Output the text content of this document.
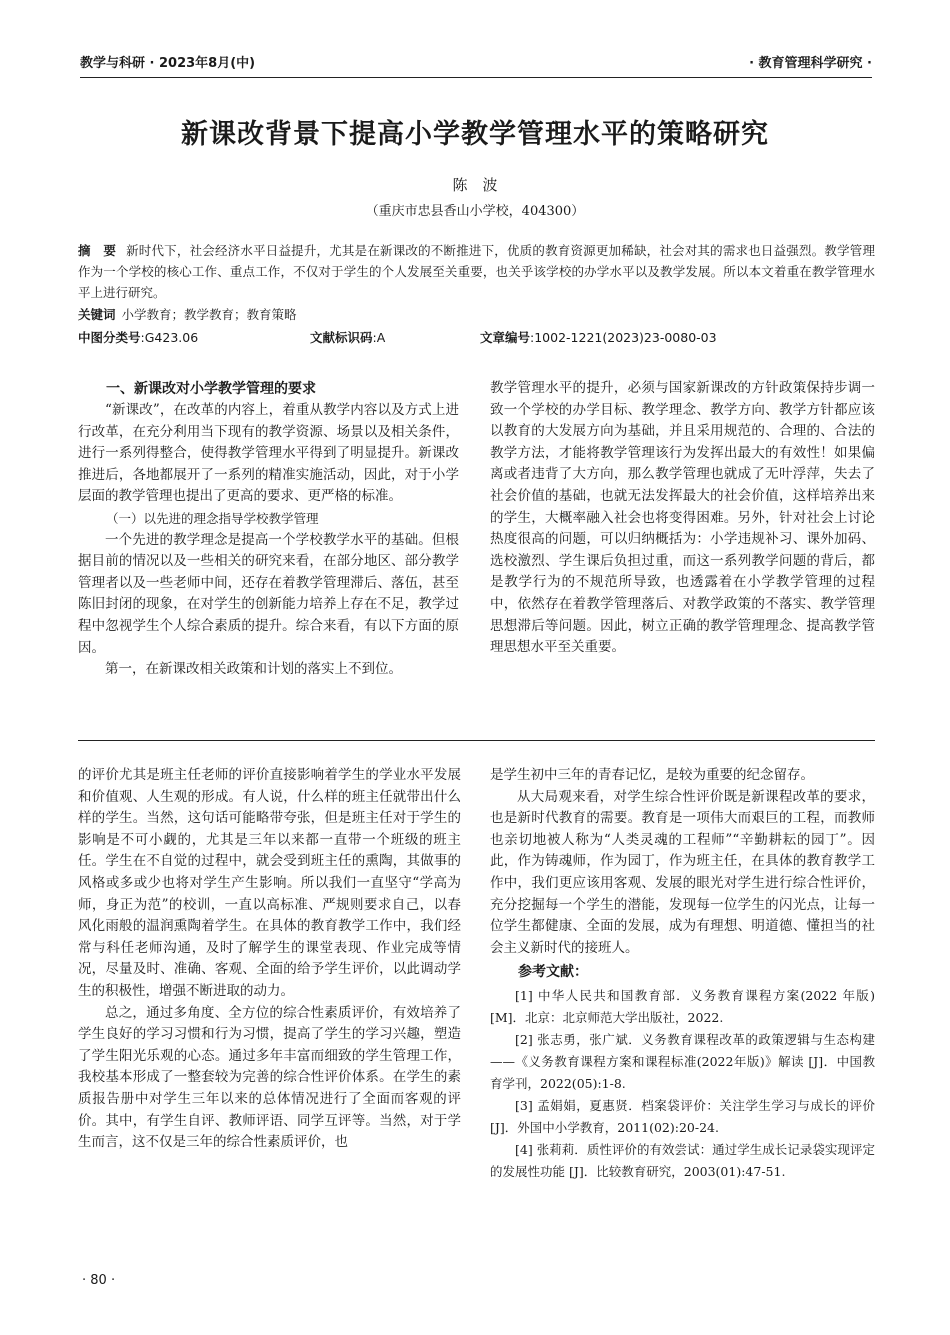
教学与科研 · 2023年8月(中)	· 教育管理科学研究 ·
新课改背景下提高小学教学管理水平的策略研究
陈　波
（重庆市忠县香山小学校，404300）
摘　要 新时代下，社会经济水平日益提升，尤其是在新课改的不断推进下，优质的教育资源更加稀缺，社会对其的需求也日益强烈。教学管理作为一个学校的核心工作、重点工作，不仅对于学生的个人发展至关重要，也关乎该学校的办学水平以及教学发展。所以本文着重在教学管理水平上进行研究。
关键词 小学教育；教学教育；教育策略
中图分类号:G423.06	文献标识码:A	文章编号:1002-1221(2023)23-0080-03
一、新课改对小学教学管理的要求

“新课改”，在改革的内容上，着重从教学内容以及方式上进行改革，在充分利用当下现有的教学资源、场景以及相关条件，进行一系列得整合，使得教学管理水平得到了明显提升。新课改推进后，各地都展开了一系列的精准实施活动，因此，对于小学层面的教学管理也提出了更高的要求、更严格的标准。

（一）以先进的理念指导学校教学管理

一个先进的教学理念是提高一个学校教学水平的基础。但根据目前的情况以及一些相关的研究来看，在部分地区、部分教学管理者以及一些老师中间，还存在着教学管理滞后、落伍，甚至陈旧封闭的现象，在对学生的创新能力培养上存在不足，教学过程中忽视学生个人综合素质的提升。综合来看，有以下方面的原因。

第一，在新课改相关政策和计划的落实上不到位。

教学管理水平的提升，必须与国家新课改的方针政策保持步调一致一个学校的办学目标、教学理念、教学方向、教学方针都应该以教育的大发展方向为基础，并且采用规范的、合理的、合法的教学方法，才能将教学管理该行为发挥出最大的有效性！如果偏离或者违背了大方向，那么教学管理也就成了无叶浮萍，失去了社会价值的基础，也就无法发挥最大的社会价值，这样培养出来的学生，大概率融入社会也将变得困难。另外，针对社会上讨论热度很高的问题，可以归纳概括为：小学违规补习、课外加码、选校激烈、学生课后负担过重，而这一系列教学问题的背后，都是教学行为的不规范所导致，也透露着在小学教学管理的过程中，依然存在着教学管理落后、对教学政策的不落实、教学管理思想滞后等问题。因此，树立正确的教学管理理念、提高教学管理思想水平至关重要。

的评价尤其是班主任老师的评价直接影响着学生的学业水平发展和价值观、人生观的形成。有人说，什么样的班主任就带出什么样的学生。当然，这句话可能略带夸张，但是班主任对于学生的影响是不可小觑的，尤其是三年以来都一直带一个班级的班主任。学生在不自觉的过程中，就会受到班主任的熏陶，其做事的风格或多或少也将对学生产生影响。所以我们一直坚守“学高为师，身正为范”的校训，一直以高标准、严规则要求自己，以春风化雨般的温润熏陶着学生。在具体的教育教学工作中，我们经常与科任老师沟通，及时了解学生的课堂表现、作业完成等情况，尽量及时、准确、客观、全面的给予学生评价，以此调动学生的积极性，增强不断进取的动力。

总之，通过多角度、全方位的综合性素质评价，有效培养了学生良好的学习习惯和行为习惯，提高了学生的学习兴趣，塑造了学生阳光乐观的心态。通过多年丰富而细致的学生管理工作，我校基本形成了一整套较为完善的综合性评价体系。在学生的素质报告册中对学生三年以来的总体情况进行了全面而客观的评价。其中，有学生自评、教师评语、同学互评等。当然，对于学生而言，这不仅是三年的综合性素质评价，也

是学生初中三年的青春记忆，是较为重要的纪念留存。

从大局观来看，对学生综合性评价既是新课程改革的要求，也是新时代教育的需要。教育是一项伟大而艰巨的工程，而教师也亲切地被人称为“人类灵魂的工程师”“辛勤耕耘的园丁”。因此，作为铸魂师，作为园丁，作为班主任，在具体的教育教学工作中，我们更应该用客观、发展的眼光对学生进行综合性评价，充分挖掘每一个学生的潜能，发现每一位学生的闪光点，让每一位学生都健康、全面的发展，成为有理想、明道德、懂担当的社会主义新时代的接班人。

参考文献：

[1] 中华人民共和国教育部．义务教育课程方案(2022 年版)[M]．北京：北京师范大学出版社，2022.

[2] 张志勇，张广斌．义务教育课程改革的政策逻辑与生态构建——《义务教育课程方案和课程标准(2022年版)》解读 [J]．中国教育学刊，2022(05):1-8.

[3] 孟娟娟，夏惠贤．档案袋评价：关注学生学习与成长的评价 [J]．外国中小学教育，2011(02):20-24.

[4] 张莉莉．质性评价的有效尝试：通过学生成长记录袋实现评定的发展性功能 [J]．比较教育研究，2003(01):47-51.

· 80 ·
